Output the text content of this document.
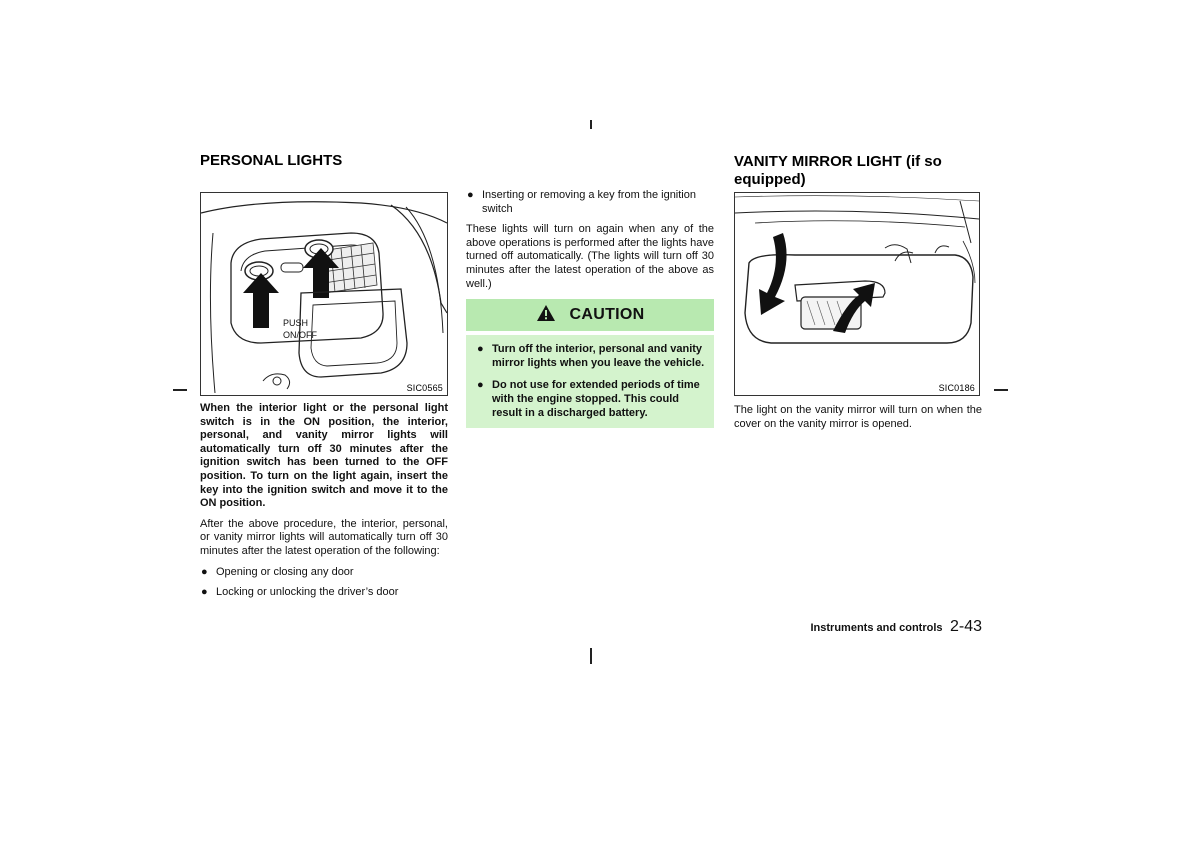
PERSONAL LIGHTS
PUSH
ON/OFF
SIC0565

When the interior light or the personal light switch is in the ON position, the interior, personal, and vanity mirror lights will automatically turn off 30 minutes after the ignition switch has been turned to the OFF position. To turn on the light again, insert the key into the ignition switch and move it to the ON position.

After the above procedure, the interior, personal, or vanity mirror lights will automatically turn off 30 minutes after the latest operation of the following:

● Opening or closing any door
● Locking or unlocking the driver’s door
● Inserting or removing a key from the ignition switch

These lights will turn on again when any of the above operations is performed after the lights have turned off automatically. (The lights will turn off 30 minutes after the latest operation of the above as well.)

CAUTION
● Turn off the interior, personal and vanity mirror lights when you leave the vehicle.
● Do not use for extended periods of time with the engine stopped. This could result in a discharged battery.
VANITY MIRROR LIGHT (if so
equipped)
SIC0186

The light on the vanity mirror will turn on when the cover on the vanity mirror is opened.

Instruments and controls 2-43
